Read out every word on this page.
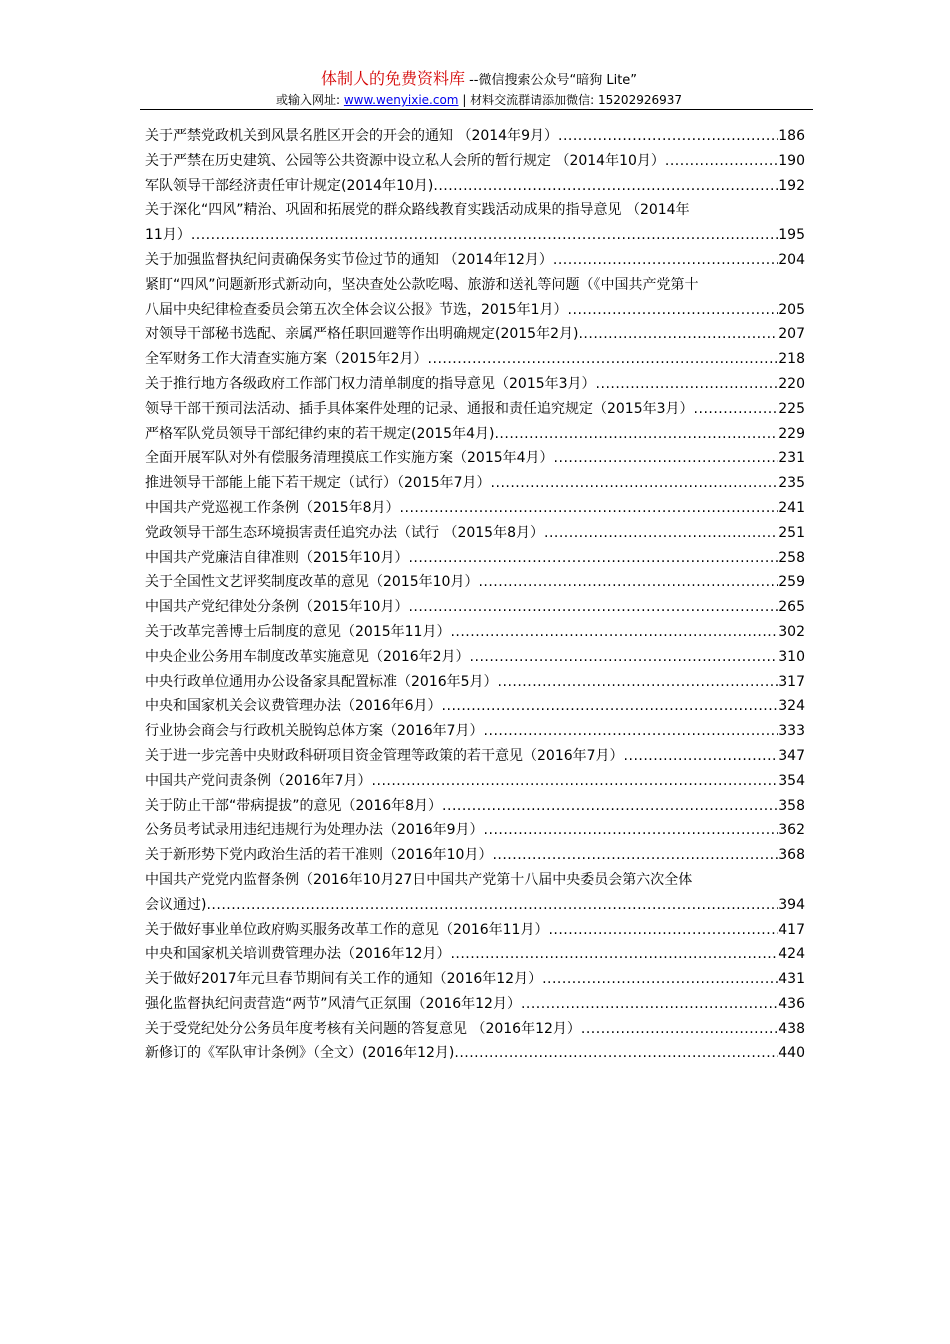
体制人的免费资料库 --微信搜索公众号“暗狗 Lite”
或输入网址: www.wenyixie.com | 材料交流群请添加微信: 15202926937
关于严禁党政机关到风景名胜区开会的开会的通知 （2014年9月） .....	186
关于严禁在历史建筑、公园等公共资源中设立私人会所的暂行规定 （2014年10月） .....	190
军队领导干部经济责任审计规定(2014年10月) .....	192
关于深化“四风”精治、巩固和拓展党的群众路线教育实践活动成果的指导意见 （2014年
11月） .....	195
关于加强监督执纪问责确保务实节俭过节的通知 （2014年12月） .....	204
紧盯“四风”问题新形式新动向，坚决查处公款吃喝、旅游和送礼等问题（《中国共产党第十
八届中央纪律检查委员会第五次全体会议公报》节选，2015年1月） .....	205
对领导干部秘书选配、亲属严格任职回避等作出明确规定(2015年2月) .....	207
全军财务工作大清查实施方案（2015年2月） .....	218
关于推行地方各级政府工作部门权力清单制度的指导意见（2015年3月） .....	220
领导干部干预司法活动、插手具体案件处理的记录、通报和责任追究规定（2015年3月） .....	225
严格军队党员领导干部纪律约束的若干规定(2015年4月) .....	229
全面开展军队对外有偿服务清理摸底工作实施方案（2015年4月） .....	231
推进领导干部能上能下若干规定（试行）（2015年7月） .....	235
中国共产党巡视工作条例（2015年8月） .....	241
党政领导干部生态环境损害责任追究办法（试行 （2015年8月） .....	251
中国共产党廉洁自律准则（2015年10月） .....	258
关于全国性文艺评奖制度改革的意见（2015年10月） .....	259
中国共产党纪律处分条例（2015年10月） .....	265
关于改革完善博士后制度的意见（2015年11月） .....	302
中央企业公务用车制度改革实施意见（2016年2月） .....	310
中央行政单位通用办公设备家具配置标准（2016年5月） .....	317
中央和国家机关会议费管理办法（2016年6月） .....	324
行业协会商会与行政机关脱钩总体方案（2016年7月） .....	333
关于进一步完善中央财政科研项目资金管理等政策的若干意见（2016年7月） .....	347
中国共产党问责条例（2016年7月） .....	354
关于防止干部“带病提拔”的意见（2016年8月） .....	358
公务员考试录用违纪违规行为处理办法（2016年9月） .....	362
关于新形势下党内政治生活的若干准则（2016年10月） .....	368
中国共产党党内监督条例（2016年10月27日中国共产党第十八届中央委员会第六次全体
会议通过) .....	394
关于做好事业单位政府购买服务改革工作的意见（2016年11月） .....	417
中央和国家机关培训费管理办法（2016年12月） .....	424
关于做好2017年元旦春节期间有关工作的通知（2016年12月） .....	431
强化监督执纪问责营造“两节”风清气正氛围（2016年12月） .....	436
关于受党纪处分公务员年度考核有关问题的答复意见 （2016年12月） .....	438
新修订的《军队审计条例》（全文）(2016年12月) .....	440
